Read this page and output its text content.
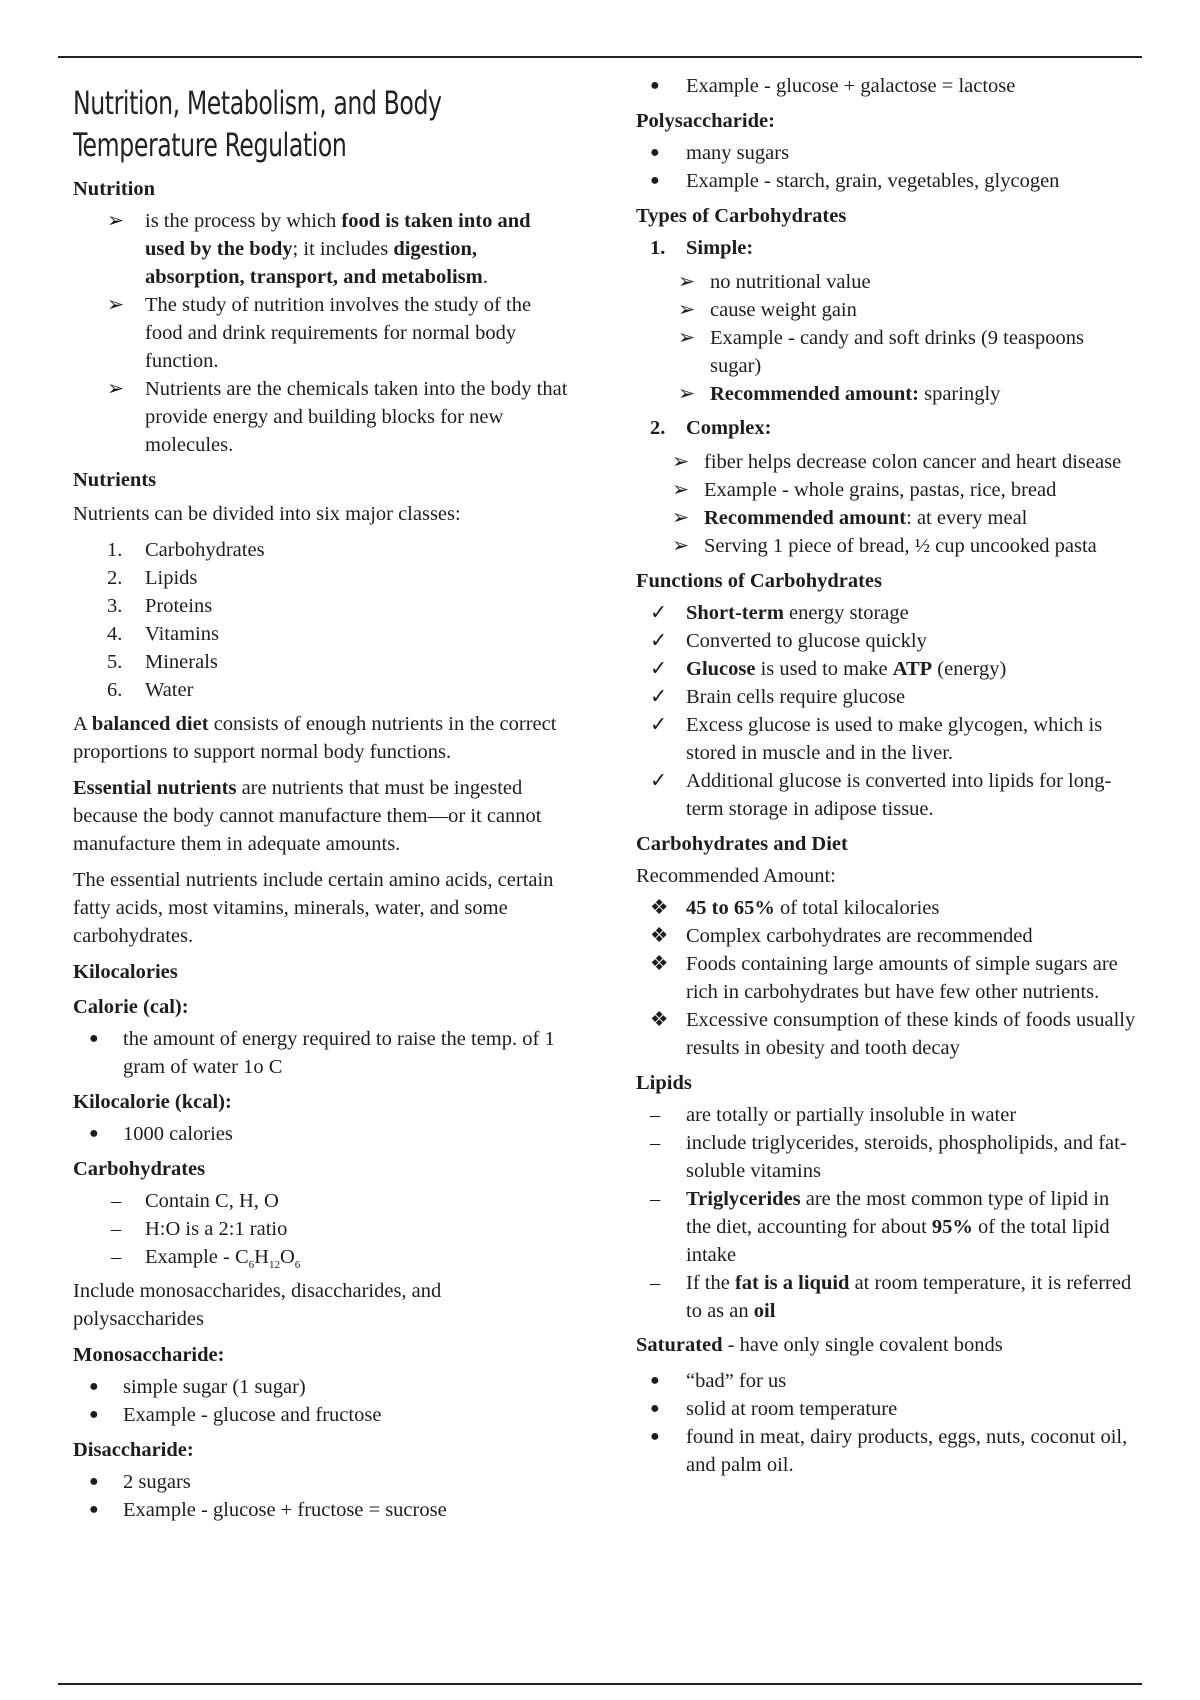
Nutrition, Metabolism, and Body
Temperature Regulation
Nutrition
➢ is the process by which food is taken into and used by the body; it includes digestion, absorption, transport, and metabolism.
➢ The study of nutrition involves the study of the food and drink requirements for normal body function.
➢ Nutrients are the chemicals taken into the body that provide energy and building blocks for new molecules.
Nutrients

Nutrients can be divided into six major classes:

1. Carbohydrates
2. Lipids
3. Proteins
4. Vitamins
5. Minerals
6. Water

A balanced diet consists of enough nutrients in the correct proportions to support normal body functions.

Essential nutrients are nutrients that must be ingested because the body cannot manufacture them—or it cannot manufacture them in adequate amounts.

The essential nutrients include certain amino acids, certain fatty acids, most vitamins, minerals, water, and some carbohydrates.

Kilocalories
Calorie (cal):
● the amount of energy required to raise the temp. of 1 gram of water 1o C
Kilocalorie (kcal):
● 1000 calories
Carbohydrates
– Contain C, H, O
– H:O is a 2:1 ratio
– Example - $C_6H_{12}O_6$

Include monosaccharides, disaccharides, and polysaccharides

Monosaccharide:
● simple sugar (1 sugar)
● Example - glucose and fructose
Disaccharide:
● 2 sugars
● Example - glucose + fructose = sucrose
● Example - glucose + galactose = lactose
Polysaccharide:
● many sugars
● Example - starch, grain, vegetables, glycogen
Types of Carbohydrates
1. Simple:
➢ no nutritional value
➢ cause weight gain
➢ Example - candy and soft drinks (9 teaspoons sugar)
➢ Recommended amount: sparingly
2. Complex:
➢ fiber helps decrease colon cancer and heart disease
➢ Example - whole grains, pastas, rice, bread
➢ Recommended amount: at every meal
➢ Serving 1 piece of bread, ½ cup uncooked pasta
Functions of Carbohydrates
✓ Short-term energy storage
✓ Converted to glucose quickly
✓ Glucose is used to make ATP (energy)
✓ Brain cells require glucose
✓ Excess glucose is used to make glycogen, which is stored in muscle and in the liver.
✓ Additional glucose is converted into lipids for long-term storage in adipose tissue.
Carbohydrates and Diet

Recommended Amount:

❖ 45 to 65% of total kilocalories
❖ Complex carbohydrates are recommended
❖ Foods containing large amounts of simple sugars are rich in carbohydrates but have few other nutrients.
❖ Excessive consumption of these kinds of foods usually results in obesity and tooth decay
Lipids
– are totally or partially insoluble in water
– include triglycerides, steroids, phospholipids, and fat-soluble vitamins
– Triglycerides are the most common type of lipid in the diet, accounting for about 95% of the total lipid intake
– If the fat is a liquid at room temperature, it is referred to as an oil

Saturated - have only single covalent bonds

● “bad” for us
● solid at room temperature
● found in meat, dairy products, eggs, nuts, coconut oil, and palm oil.
